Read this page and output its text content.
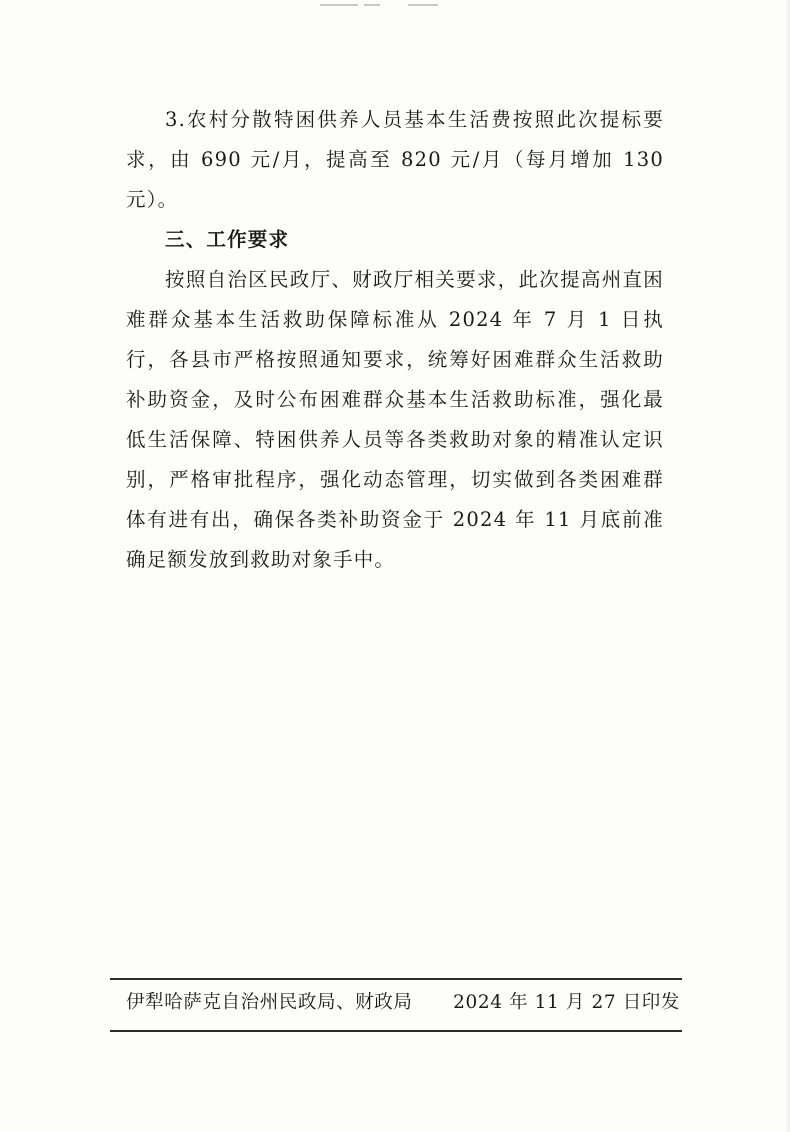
3.农村分散特困供养人员基本生活费按照此次提标要求，由 690 元/月，提高至 820 元/月（每月增加 130 元）。

三、工作要求

按照自治区民政厅、财政厅相关要求，此次提高州直困难群众基本生活救助保障标准从 2024 年 7 月 1 日执行，各县市严格按照通知要求，统筹好困难群众生活救助补助资金，及时公布困难群众基本生活救助标准，强化最低生活保障、特困供养人员等各类救助对象的精准认定识别，严格审批程序，强化动态管理，切实做到各类困难群体有进有出，确保各类补助资金于 2024 年 11 月底前准确足额发放到救助对象手中。

伊犁哈萨克自治州民政局、财政局 2024 年 11 月 27 日印发
